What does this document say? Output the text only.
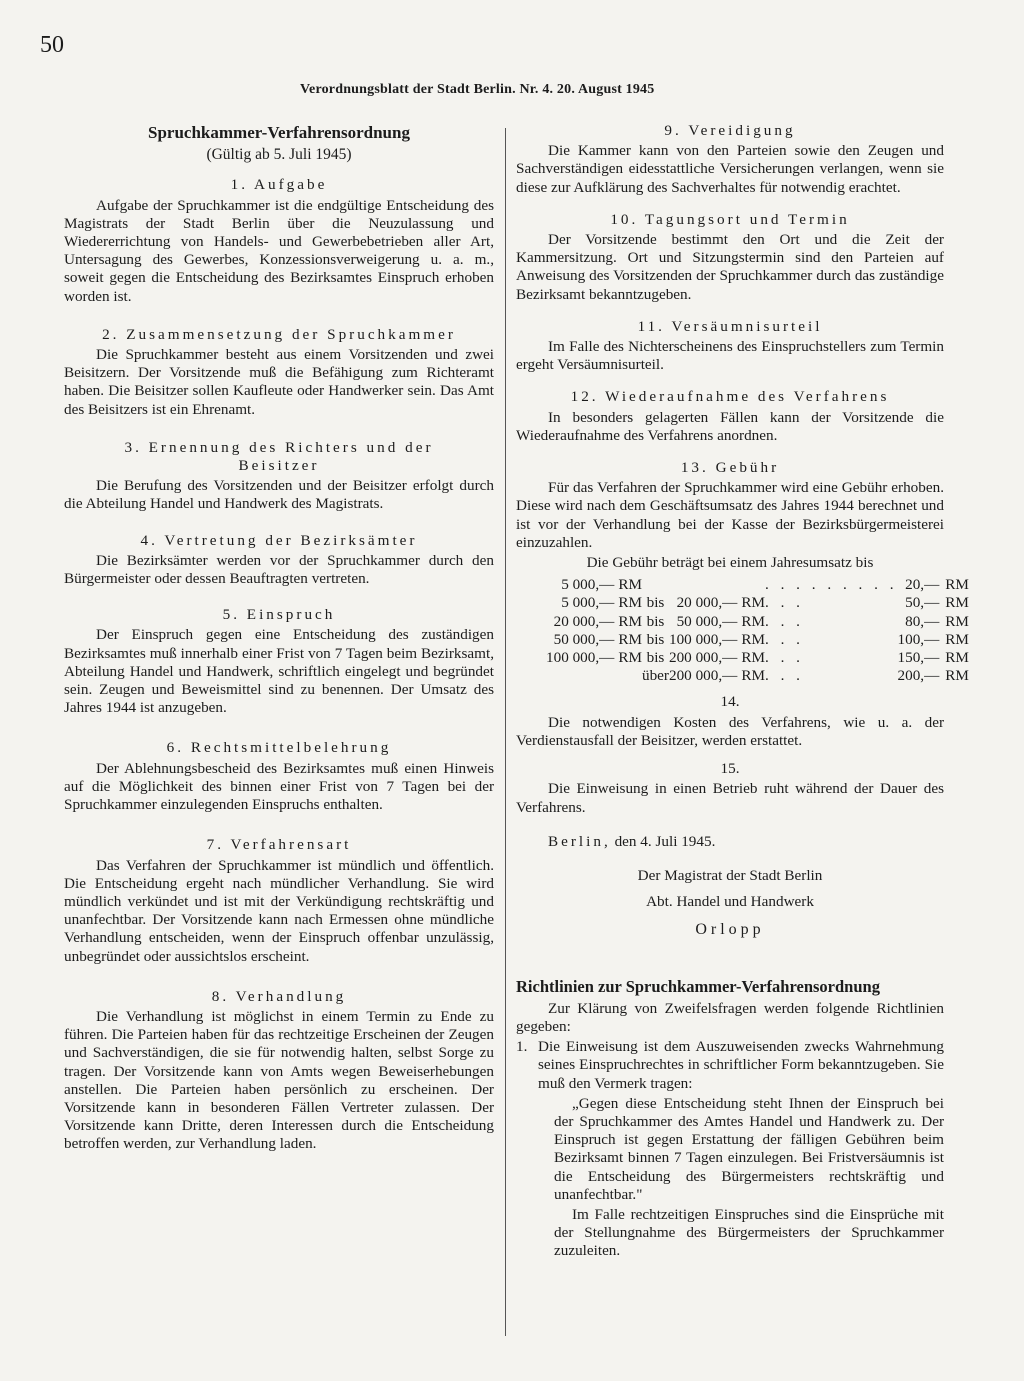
50
Verordnungsblatt der Stadt Berlin. Nr. 4. 20. August 1945
Spruchkammer-Verfahrensordnung
(Gültig ab 5. Juli 1945)
1. Aufgabe

Aufgabe der Spruchkammer ist die endgültige Entscheidung des Magistrats der Stadt Berlin über die Neuzulassung und Wiedererrichtung von Handels- und Gewerbebetrieben aller Art, Untersagung des Gewerbes, Konzessionsverweigerung u. a. m., soweit gegen die Entscheidung des Bezirksamtes Einspruch erhoben worden ist.

2. Zusammensetzung der Spruchkammer

Die Spruchkammer besteht aus einem Vorsitzenden und zwei Beisitzern. Der Vorsitzende muß die Befähigung zum Richteramt haben. Die Beisitzer sollen Kaufleute oder Handwerker sein. Das Amt des Beisitzers ist ein Ehrenamt.

3. Ernennung des Richters und der Beisitzer

Die Berufung des Vorsitzenden und der Beisitzer erfolgt durch die Abteilung Handel und Handwerk des Magistrats.

4. Vertretung der Bezirksämter

Die Bezirksämter werden vor der Spruchkammer durch den Bürgermeister oder dessen Beauftragten vertreten.

5. Einspruch

Der Einspruch gegen eine Entscheidung des zuständigen Bezirksamtes muß innerhalb einer Frist von 7 Tagen beim Bezirksamt, Abteilung Handel und Handwerk, schriftlich eingelegt und begründet sein. Zeugen und Beweismittel sind zu benennen. Der Umsatz des Jahres 1944 ist anzugeben.

6. Rechtsmittelbelehrung

Der Ablehnungsbescheid des Bezirksamtes muß einen Hinweis auf die Möglichkeit des binnen einer Frist von 7 Tagen bei der Spruchkammer einzulegenden Einspruchs enthalten.

7. Verfahrensart

Das Verfahren der Spruchkammer ist mündlich und öffentlich. Die Entscheidung ergeht nach mündlicher Verhandlung. Sie wird mündlich verkündet und ist mit der Verkündigung rechtskräftig und unanfechtbar. Der Vorsitzende kann nach Ermessen ohne mündliche Verhandlung entscheiden, wenn der Einspruch offenbar unzulässig, unbegründet oder aussichtslos erscheint.

8. Verhandlung

Die Verhandlung ist möglichst in einem Termin zu Ende zu führen. Die Parteien haben für das rechtzeitige Erscheinen der Zeugen und Sachverständigen, die sie für notwendig halten, selbst Sorge zu tragen. Der Vorsitzende kann von Amts wegen Beweiserhebungen anstellen. Die Parteien haben persönlich zu erscheinen. Der Vorsitzende kann in besonderen Fällen Vertreter zulassen. Der Vorsitzende kann Dritte, deren Interessen durch die Entscheidung betroffen werden, zur Verhandlung laden.

9. Vereidigung

Die Kammer kann von den Parteien sowie den Zeugen und Sachverständigen eidesstattliche Versicherungen verlangen, wenn sie diese zur Aufklärung des Sachverhaltes für notwendig erachtet.

10. Tagungsort und Termin

Der Vorsitzende bestimmt den Ort und die Zeit der Kammersitzung. Ort und Sitzungstermin sind den Parteien auf Anweisung des Vorsitzenden der Spruchkammer durch das zuständige Bezirksamt bekanntzugeben.

11. Versäumnisurteil

Im Falle des Nichterscheinens des Einspruchstellers zum Termin ergeht Versäumnisurteil.

12. Wiederaufnahme des Verfahrens

In besonders gelagerten Fällen kann der Vorsitzende die Wiederaufnahme des Verfahrens anordnen.

13. Gebühr

Für das Verfahren der Spruchkammer wird eine Gebühr erhoben. Diese wird nach dem Geschäftsumsatz des Jahres 1944 berechnet und ist vor der Verhandlung bei der Kasse der Bezirksbürgermeisterei einzuzahlen.

Die Gebühr beträgt bei einem Jahresumsatz bis
5 000,—	RM				. . . . . . . . .	20,—	RM
5 000,—	RM	bis	20 000,—	RM	. . .	50,—	RM
20 000,—	RM	bis	50 000,—	RM	. . .	80,—	RM
50 000,—	RM	bis	100 000,—	RM	. . .	100,—	RM
100 000,—	RM	bis	200 000,—	RM	. . .	150,—	RM
		über	200 000,—	RM	. . .	200,—	RM
14.

Die notwendigen Kosten des Verfahrens, wie u. a. der Verdienstausfall der Beisitzer, werden erstattet.

15.

Die Einweisung in einen Betrieb ruht während der Dauer des Verfahrens.

Berlin, den 4. Juli 1945.
Der Magistrat der Stadt Berlin
Abt. Handel und Handwerk
Orlopp
Richtlinien zur Spruchkammer-Verfahrensordnung

Zur Klärung von Zweifelsfragen werden folgende Richtlinien gegeben:

1. Die Einweisung ist dem Auszuweisenden zwecks Wahrnehmung seines Einspruchrechtes in schriftlicher Form bekanntzugeben. Sie muß den Vermerk tragen:

„Gegen diese Entscheidung steht Ihnen der Einspruch bei der Spruchkammer des Amtes Handel und Handwerk zu. Der Einspruch ist gegen Erstattung der fälligen Gebühren beim Bezirksamt binnen 7 Tagen einzulegen. Bei Fristversäumnis ist die Entscheidung des Bürgermeisters rechtskräftig und unanfechtbar."

Im Falle rechtzeitigen Einspruches sind die Einsprüche mit der Stellungnahme des Bürgermeisters der Spruchkammer zuzuleiten.
